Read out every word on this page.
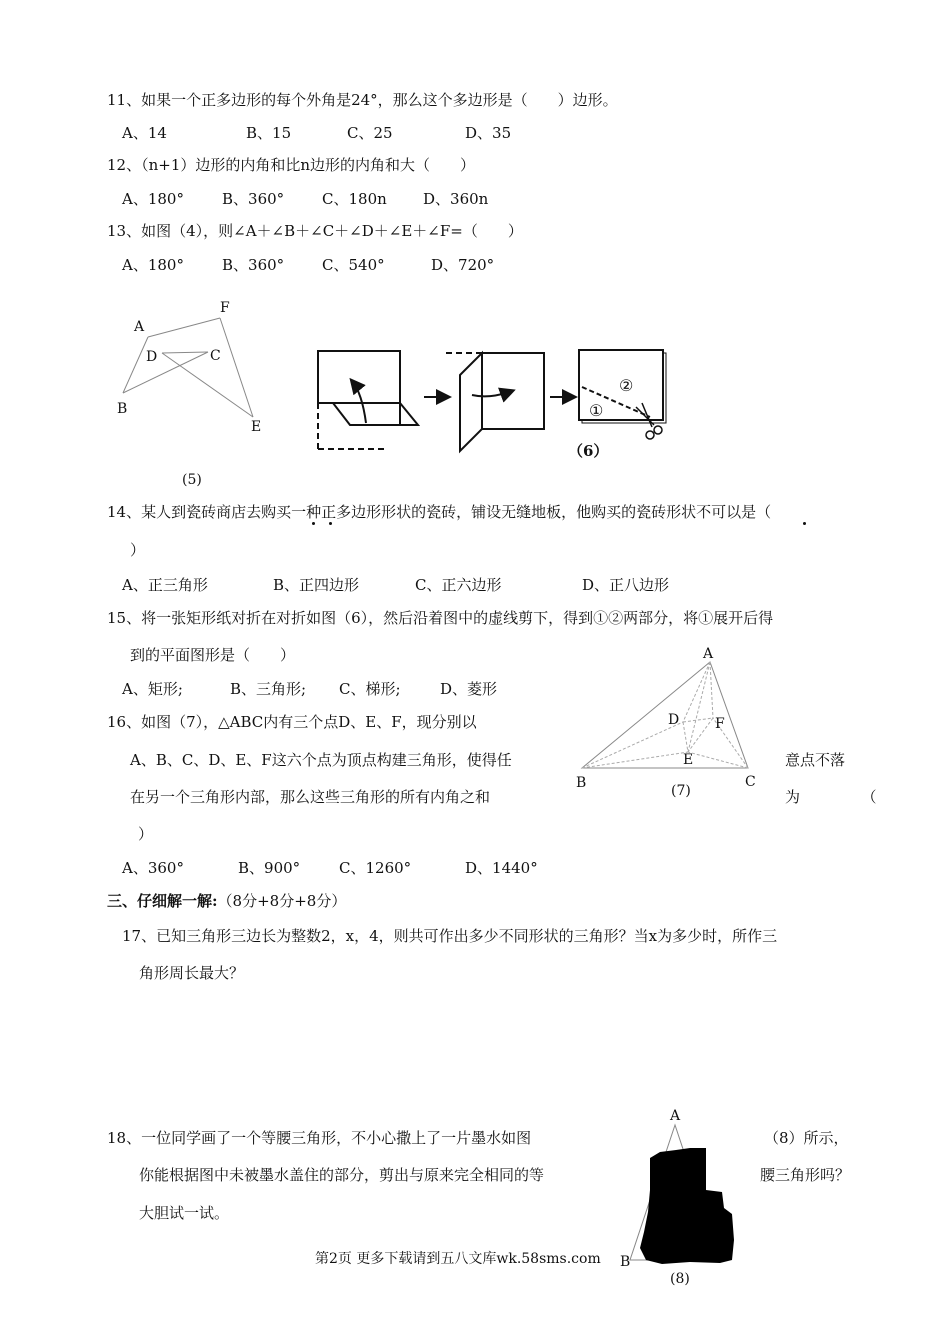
11、如果一个正多边形的每个外角是24°，那么这个多边形是（　　）边形。
A、14	B、15	C、25	D、35
12、（n+1）边形的内角和比n边形的内角和大（　　）
A、180°	B、360°	C、180n D、360n
13、如图（4），则∠A＋∠B＋∠C＋∠D＋∠E＋∠F=（　　）
A、180°	B、360°	C、540°	D、720°
A
F
D	C
B
E
(5)
②
①
（6）
14、某人到瓷砖商店去购买一种正多边形形状的瓷砖，铺设无缝地板，他购买的瓷砖形状不可以是（
）
A、正三角形	B、正四边形	C、正六边形	D、正八边形
15、将一张矩形纸对折在对折如图（6），然后沿着图中的虚线剪下，得到①②两部分，将①展开后得
到的平面图形是（　　）
A、矩形;	B、三角形; C、梯形;	D、菱形
16、如图（7），△ABC内有三个点D、E、F，现分别以
A、B、C、D、E、F这六个点为顶点构建三角形，使得任	意点不落
在另一个三角形内部，那么这些三角形的所有内角之和	为　　　（
）
A、360°	B、900°	C、1260°	D、1440°
A
D	F
E
B	C
(7)
三、仔细解一解:（8分+8分+8分）
17、已知三角形三边长为整数2，x，4，则共可作出多少不同形状的三角形？当x为多少时，所作三
角形周长最大？
18、一位同学画了一个等腰三角形，不小心撒上了一片墨水如图	（8）所示，
你能根据图中未被墨水盖住的部分，剪出与原来完全相同的等	腰三角形吗？
大胆试一试。
A
B
(8)
第2页 更多下载请到五八文库wk.58sms.com
